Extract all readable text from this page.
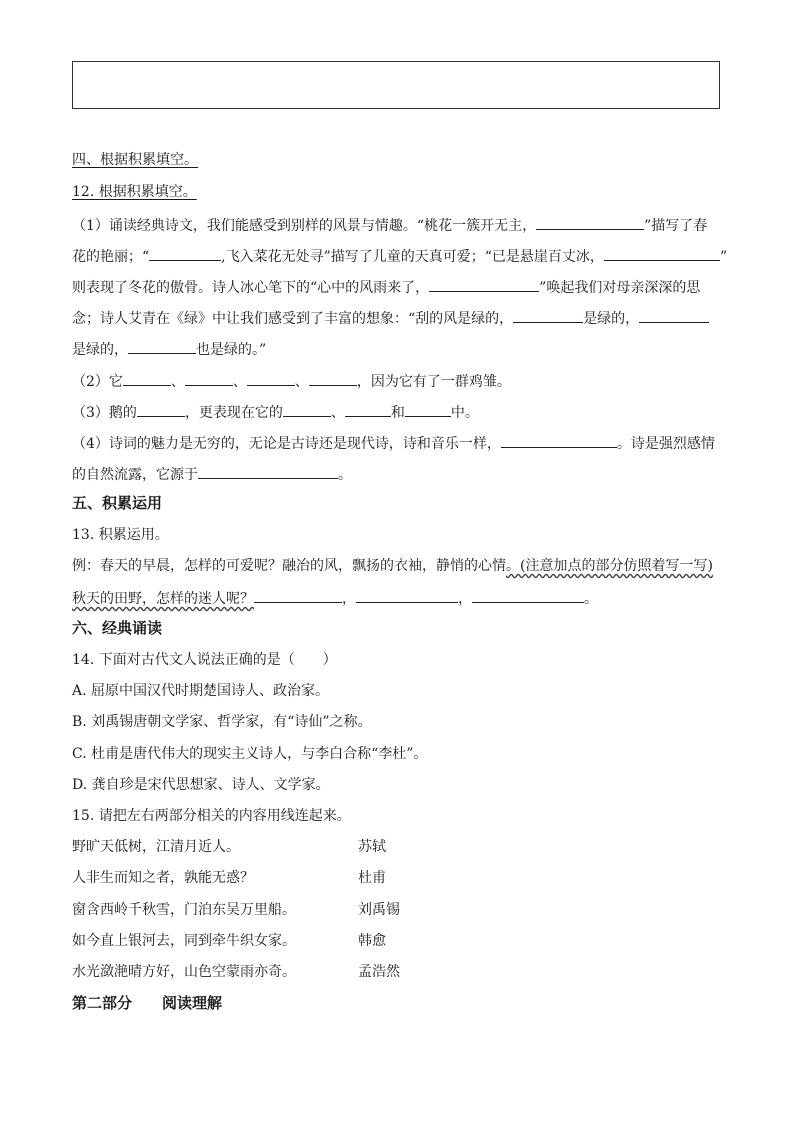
四、根据积累填空。
12. 根据积累填空。
（1）诵读经典诗文，我们能感受到别样的风景与情趣。“桃花一簇开无主，	”描写了春
花的艳丽；“	,飞入菜花无处寻”描写了儿童的天真可爱；“已是悬崖百丈冰，	”
则表现了冬花的傲骨。诗人冰心笔下的“心中的风雨来了，	”唤起我们对母亲深深的思
念；诗人艾青在《绿》中让我们感受到了丰富的想象：“刮的风是绿的，	是绿的，
是绿的，	也是绿的。”
（2）它	、	、	、	，因为它有了一群鸡雏。
（3）鹅的	，更表现在它的	、	和	中。
（4）诗词的魅力是无穷的，无论是古诗还是现代诗，诗和音乐一样，	。诗是强烈感情
的自然流露，它源于	。
五、积累运用
13. 积累运用。
例：春天的早晨，怎样的可爱呢？融冶的风，飘扬的衣袖，静悄的心情。(注意加点的部分仿照着写一写)
秋天的田野，怎样的迷人呢？	，	，	。
六、经典诵读
14. 下面对古代文人说法正确的是（　　）
A. 屈原中国汉代时期楚国诗人、政治家。
B. 刘禹锡唐朝文学家、哲学家，有“诗仙”之称。
C. 杜甫是唐代伟大的现实主义诗人，与李白合称“李杜”。
D. 龚自珍是宋代思想家、诗人、文学家。
15. 请把左右两部分相关的内容用线连起来。
野旷天低树，江清月近人。	苏轼
人非生而知之者，孰能无惑？	杜甫
窗含西岭千秋雪，门泊东吴万里船。	刘禹锡
如今直上银河去，同到牵牛织女家。	韩愈
水光潋滟晴方好，山色空蒙雨亦奇。	孟浩然
第二部分　　阅读理解
